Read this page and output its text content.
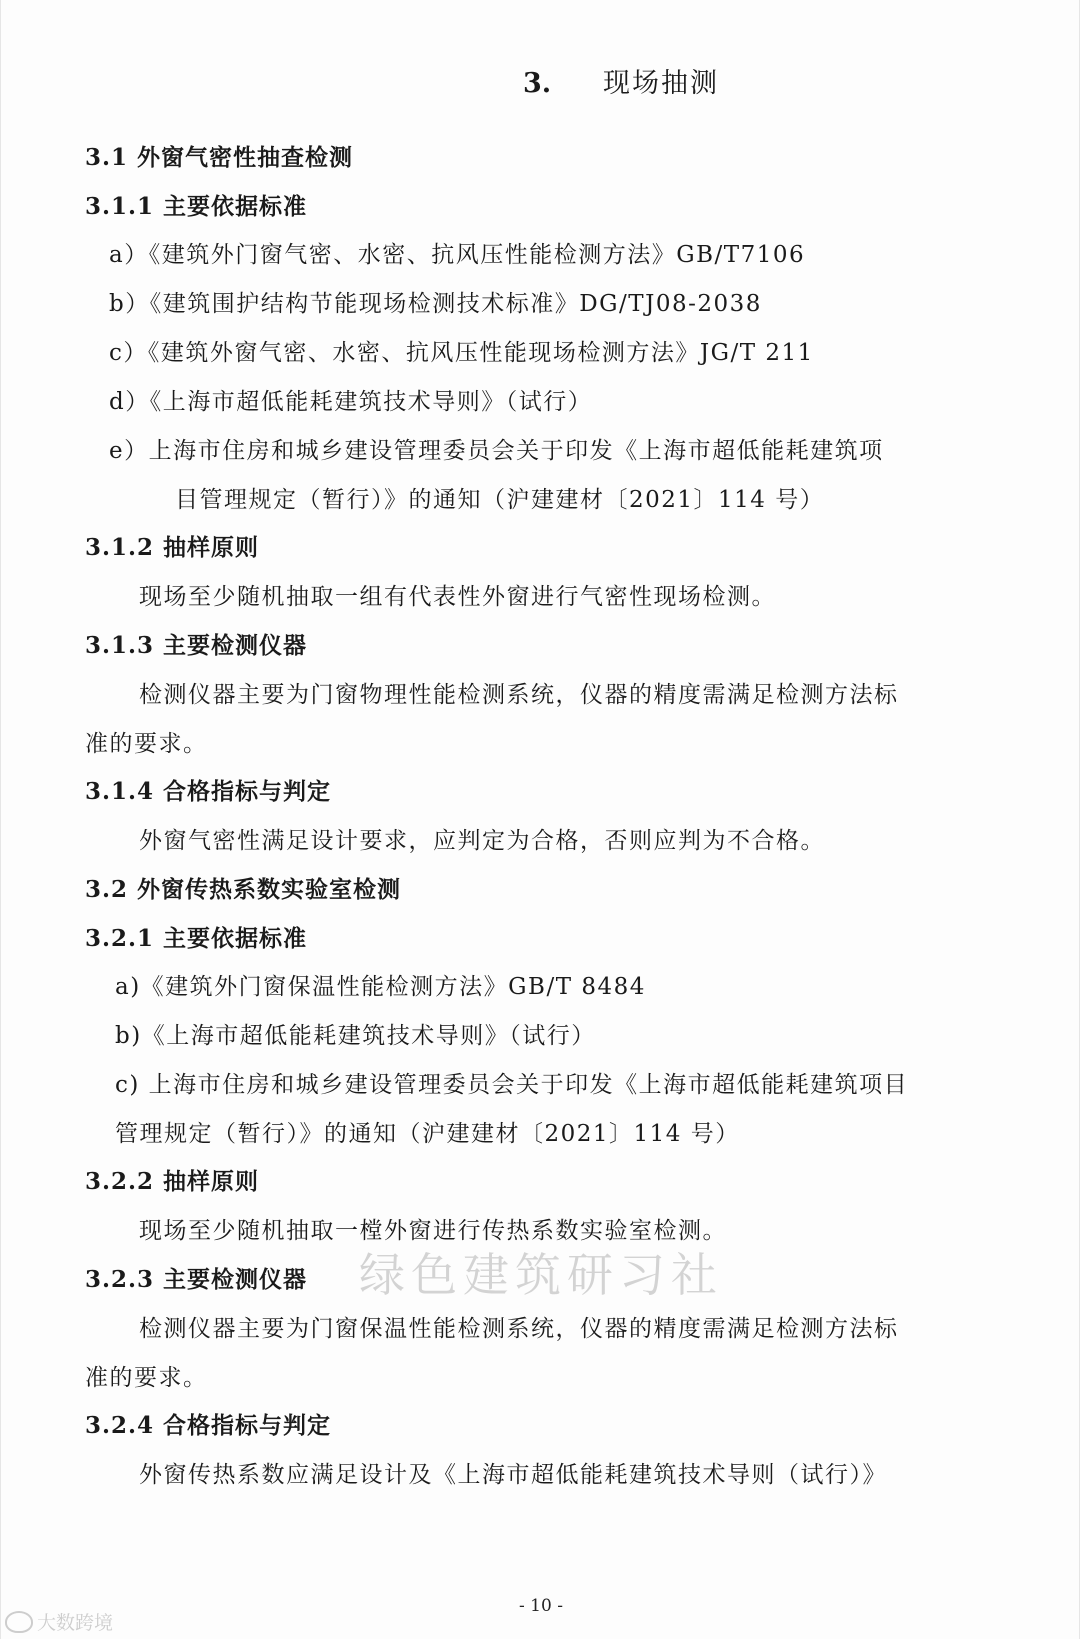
3. 现场抽测
3.1 外窗气密性抽查检测
3.1.1 主要依据标准
a）《建筑外门窗气密、水密、抗风压性能检测方法》GB/T7106
b）《建筑围护结构节能现场检测技术标准》DG/TJ08-2038
c）《建筑外窗气密、水密、抗风压性能现场检测方法》JG/T 211
d）《上海市超低能耗建筑技术导则》（试行）
e）上海市住房和城乡建设管理委员会关于印发《上海市超低能耗建筑项
目管理规定（暂行）》的通知（沪建建材〔2021〕114 号）
3.1.2 抽样原则
现场至少随机抽取一组有代表性外窗进行气密性现场检测。
3.1.3 主要检测仪器
检测仪器主要为门窗物理性能检测系统，仪器的精度需满足检测方法标
准的要求。
3.1.4 合格指标与判定
外窗气密性满足设计要求，应判定为合格，否则应判为不合格。
3.2 外窗传热系数实验室检测
3.2.1 主要依据标准
a)《建筑外门窗保温性能检测方法》GB/T 8484
b)《上海市超低能耗建筑技术导则》（试行）
c) 上海市住房和城乡建设管理委员会关于印发《上海市超低能耗建筑项目
管理规定（暂行）》的通知（沪建建材〔2021〕114 号）
3.2.2 抽样原则
现场至少随机抽取一樘外窗进行传热系数实验室检测。
3.2.3 主要检测仪器
检测仪器主要为门窗保温性能检测系统，仪器的精度需满足检测方法标
准的要求。
3.2.4 合格指标与判定
外窗传热系数应满足设计及《上海市超低能耗建筑技术导则（试行）》
绿色建筑研习社
- 10 -
大数跨境
